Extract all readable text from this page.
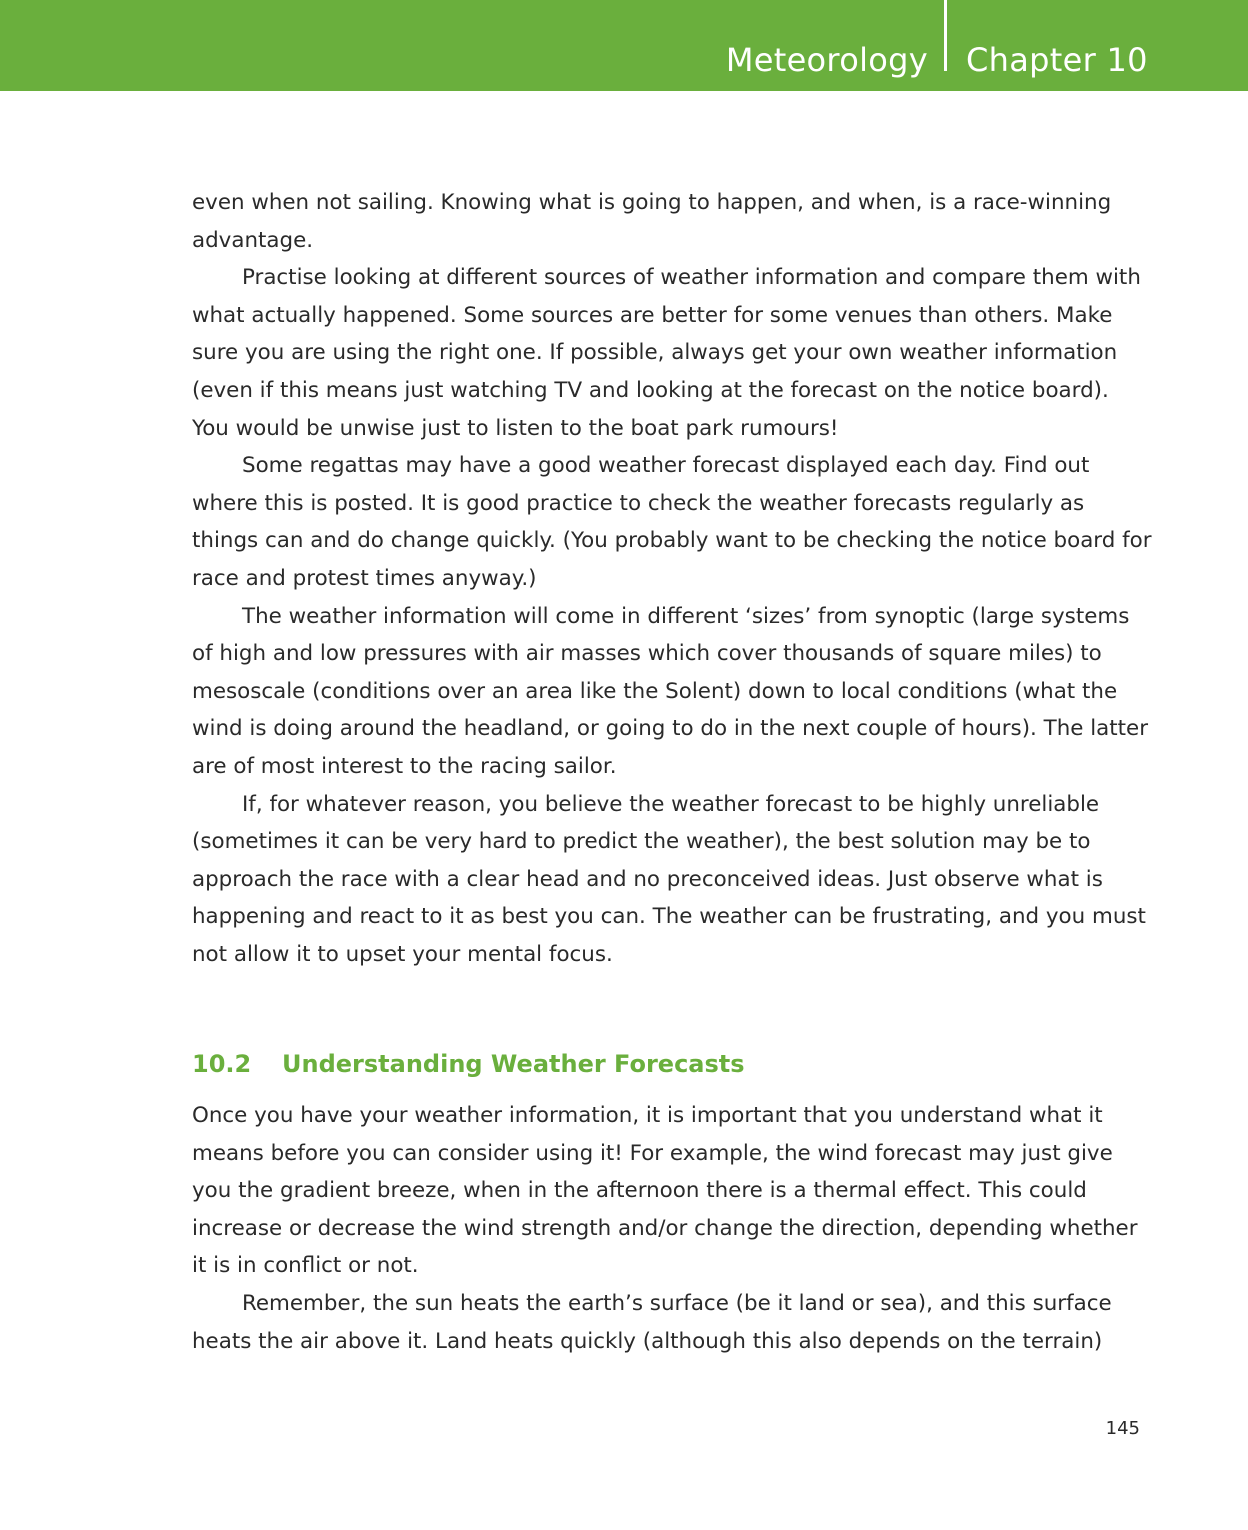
Meteorology Chapter 10

even when not sailing. Knowing what is going to happen, and when, is a race-winning advantage.

Practise looking at different sources of weather information and compare them with what actually happened. Some sources are better for some venues than others. Make sure you are using the right one. If possible, always get your own weather information (even if this means just watching TV and looking at the forecast on the notice board). You would be unwise just to listen to the boat park rumours!

Some regattas may have a good weather forecast displayed each day. Find out where this is posted. It is good practice to check the weather forecasts regularly as things can and do change quickly. (You probably want to be checking the notice board for race and protest times anyway.)

The weather information will come in different ‘sizes’ from synoptic (large systems of high and low pressures with air masses which cover thousands of square miles) to mesoscale (conditions over an area like the Solent) down to local conditions (what the wind is doing around the headland, or going to do in the next couple of hours). The latter are of most interest to the racing sailor.

If, for whatever reason, you believe the weather forecast to be highly unreliable (sometimes it can be very hard to predict the weather), the best solution may be to approach the race with a clear head and no preconceived ideas. Just observe what is happening and react to it as best you can. The weather can be frustrating, and you must not allow it to upset your mental focus.

10.2 Understanding Weather Forecasts

Once you have your weather information, it is important that you understand what it means before you can consider using it! For example, the wind forecast may just give you the gradient breeze, when in the afternoon there is a thermal effect. This could increase or decrease the wind strength and/or change the direction, depending whether it is in conflict or not.

Remember, the sun heats the earth’s surface (be it land or sea), and this surface heats the air above it. Land heats quickly (although this also depends on the terrain)

145
